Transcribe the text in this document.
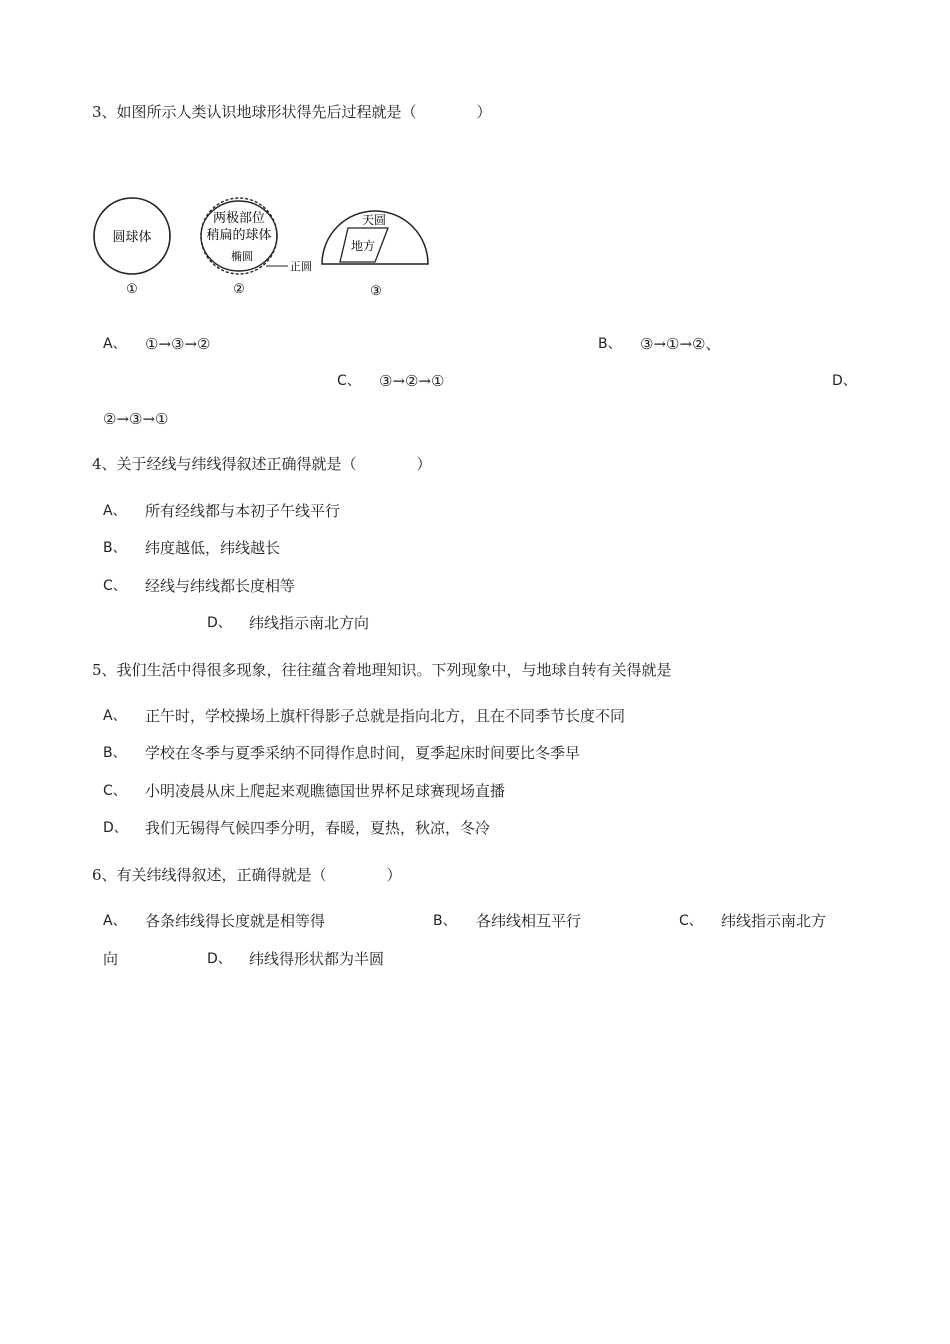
3、如图所示人类认识地球形状得先后过程就是（　　　　）
圆球体
①
两极部位
稍扁的球体
椭圆
正圆
②
天圆
地方
③
A、 ①→③→②	B、 ③→①→②、
C、 ③→②→①	D、
②→③→①
4、关于经线与纬线得叙述正确得就是（　　　　）
A、 所有经线都与本初子午线平行
B、 纬度越低，纬线越长
C、 经线与纬线都长度相等
D、 纬线指示南北方向
5、我们生活中得很多现象，往往蕴含着地理知识。下列现象中，与地球自转有关得就是
A、 正午时，学校操场上旗杆得影子总就是指向北方，且在不同季节长度不同
B、 学校在冬季与夏季采纳不同得作息时间，夏季起床时间要比冬季早
C、 小明凌晨从床上爬起来观瞧德国世界杯足球赛现场直播
D、 我们无锡得气候四季分明，春暖，夏热，秋凉，冬冷
6、有关纬线得叙述，正确得就是（　　　　）
A、 各条纬线得长度就是相等得	B、 各纬线相互平行	C、 纬线指示南北方
向	D、 纬线得形状都为半圆
